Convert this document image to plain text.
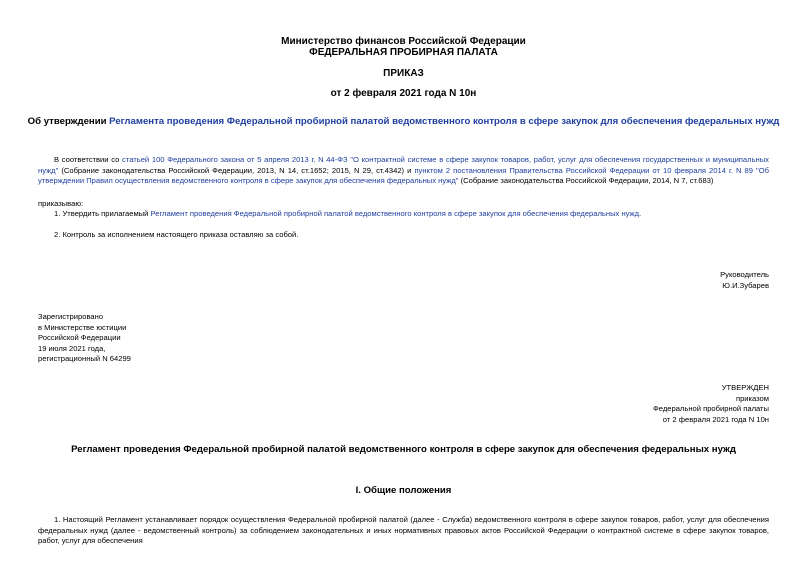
Министерство финансов Российской Федерации
ФЕДЕРАЛЬНАЯ ПРОБИРНАЯ ПАЛАТА
ПРИКАЗ
от 2 февраля 2021 года N 10н
Об утверждении Регламента проведения Федеральной пробирной палатой ведомственного контроля в сфере закупок для обеспечения федеральных нужд
В соответствии со статьей 100 Федерального закона от 5 апреля 2013 г. N 44-ФЗ "О контрактной системе в сфере закупок товаров, работ, услуг для обеспечения государственных и муниципальных нужд" (Собрание законодательства Российской Федерации, 2013, N 14, ст.1652; 2015, N 29, ст.4342) и пунктом 2 постановления Правительства Российской Федерации от 10 февраля 2014 г. N 89 "Об утверждении Правил осуществления ведомственного контроля в сфере закупок для обеспечения федеральных нужд" (Собрание законодательства Российской Федерации, 2014, N 7, ст.683)
приказываю:
1. Утвердить прилагаемый Регламент проведения Федеральной пробирной палатой ведомственного контроля в сфере закупок для обеспечения федеральных нужд.
2. Контроль за исполнением настоящего приказа оставляю за собой.
Руководитель
Ю.И.Зубарев

Зарегистрировано

в Министерстве юстиции

Российской Федерации

19 июля 2021 года,

регистрационный N 64299

УТВЕРЖДЕН

приказом

Федеральной пробирной палаты

от 2 февраля 2021 года N 10н

Регламент проведения Федеральной пробирной палатой ведомственного контроля в сфере закупок для обеспечения федеральных нужд
I. Общие положения
1. Настоящий Регламент устанавливает порядок осуществления Федеральной пробирной палатой (далее - Служба) ведомственного контроля в сфере закупок товаров, работ, услуг для обеспечения федеральных нужд (далее - ведомственный контроль) за соблюдением законодательных и иных нормативных правовых актов Российской Федерации о контрактной системе в сфере закупок товаров, работ, услуг для обеспечения
